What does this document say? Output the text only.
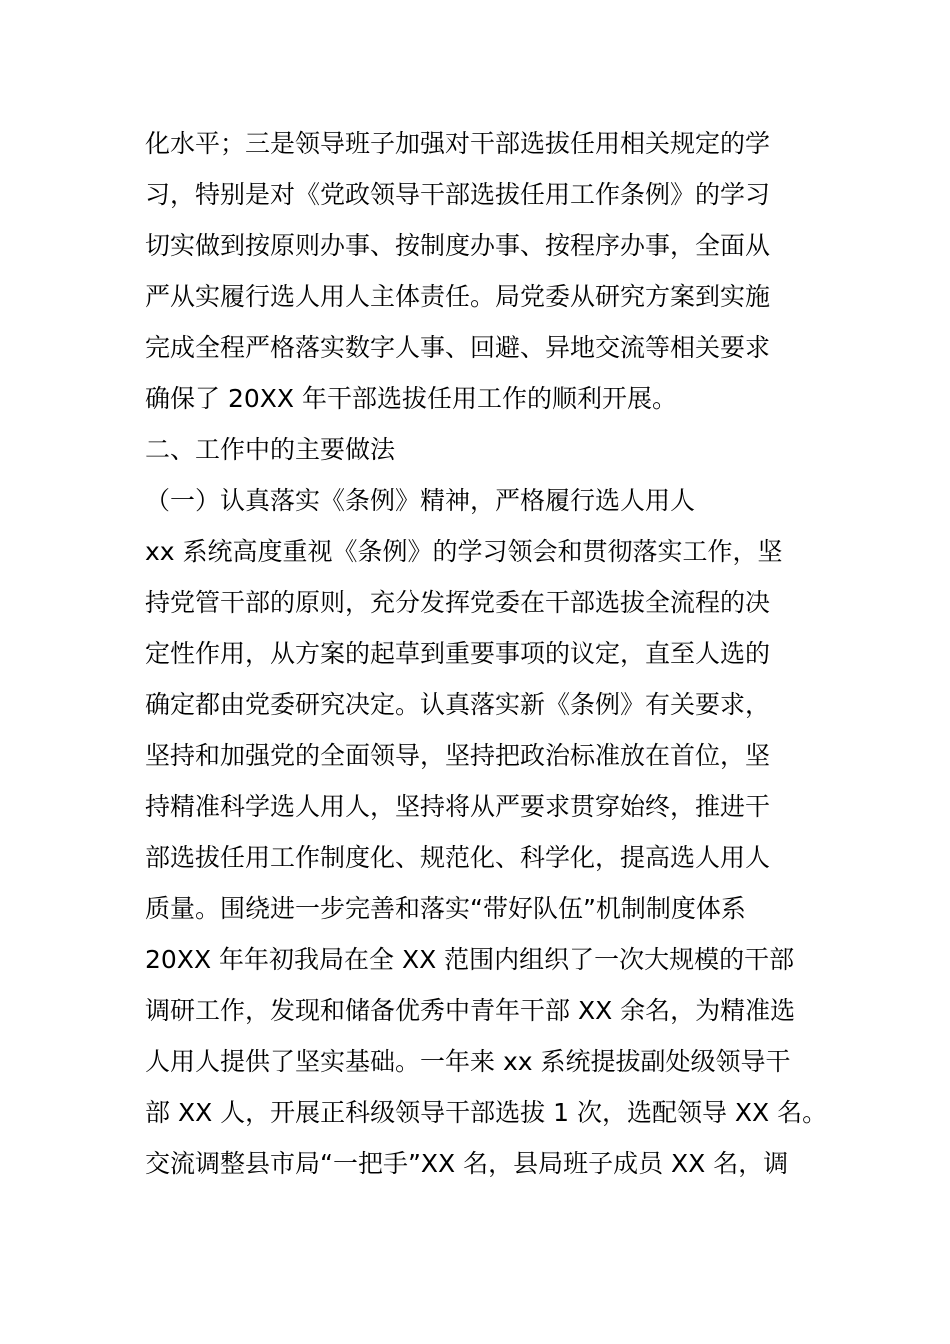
化水平；三是领导班子加强对干部选拔任用相关规定的学
习，特别是对《党政领导干部选拔任用工作条例》的学习
切实做到按原则办事、按制度办事、按程序办事，全面从
严从实履行选人用人主体责任。局党委从研究方案到实施
完成全程严格落实数字人事、回避、异地交流等相关要求
确保了 20XX 年干部选拔任用工作的顺利开展。
二、工作中的主要做法
（一）认真落实《条例》精神，严格履行选人用人
xx 系统高度重视《条例》的学习领会和贯彻落实工作，坚
持党管干部的原则，充分发挥党委在干部选拔全流程的决
定性作用，从方案的起草到重要事项的议定，直至人选的
确定都由党委研究决定。认真落实新《条例》有关要求，
坚持和加强党的全面领导，坚持把政治标准放在首位，坚
持精准科学选人用人，坚持将从严要求贯穿始终，推进干
部选拔任用工作制度化、规范化、科学化，提高选人用人
质量。围绕进一步完善和落实“带好队伍”机制制度体系
20XX 年年初我局在全 XX 范围内组织了一次大规模的干部
调研工作，发现和储备优秀中青年干部 XX 余名，为精准选
人用人提供了坚实基础。一年来 xx 系统提拔副处级领导干
部 XX 人，开展正科级领导干部选拔 1 次，选配领导 XX 名。
交流调整县市局“一把手”XX 名，县局班子成员 XX 名，调
